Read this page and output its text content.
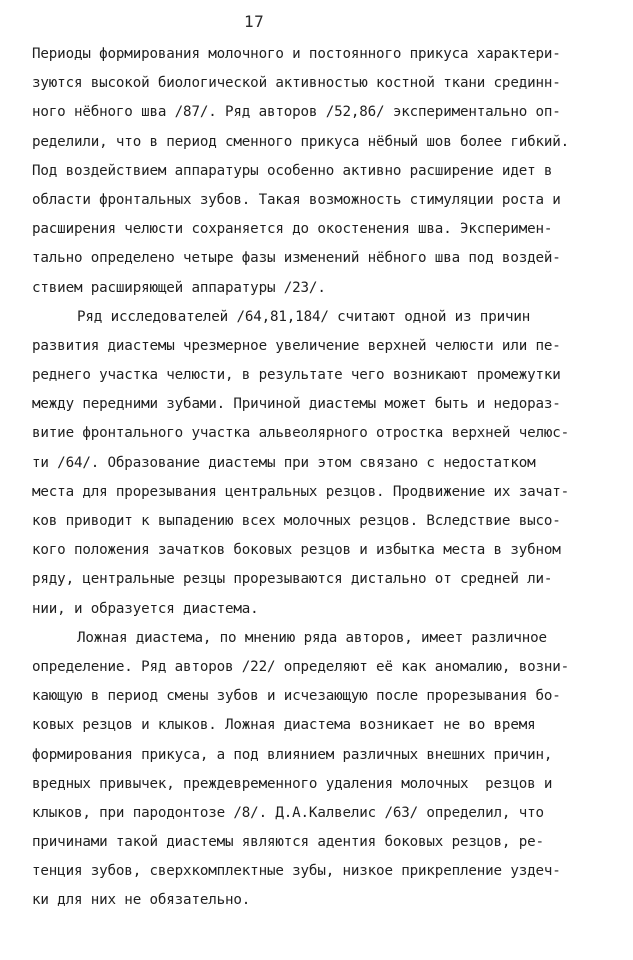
17
Периоды формирования молочного и постоянного прикуса характери-
зуются высокой биологической активностью костной ткани срединн-
ного нёбного шва /87/. Ряд авторов /52,86/ экспериментально оп-
ределили, что в период сменного прикуса нёбный шов более гибкий.
Под воздействием аппаратуры особенно активно расширение идет в
области фронтальных зубов. Такая возможность стимуляции роста и
расширения челюсти сохраняется до окостенения шва. Эксперимен-
тально определено четыре фазы изменений нёбного шва под воздей-
ствием расширяющей аппаратуры /23/.
Ряд исследователей /64,81,184/ считают одной из причин
развития диастемы чрезмерное увеличение верхней челюсти или пе-
реднего участка челюсти, в результате чего возникают промежутки
между передними зубами. Причиной диастемы может быть и недораз-
витие фронтального участка альвеолярного отростка верхней челюс-
ти /64/. Образование диастемы при этом связано с недостатком
места для прорезывания центральных резцов. Продвижение их зачат-
ков приводит к выпадению всех молочных резцов. Вследствие высо-
кого положения зачатков боковых резцов и избытка места в зубном
ряду, центральные резцы прорезываются дистально от средней ли-
нии, и образуется диастема.
Ложная диастема, по мнению ряда авторов, имеет различное
определение. Ряд авторов /22/ определяют её как аномалию, возни-
кающую в период смены зубов и исчезающую после прорезывания бо-
ковых резцов и клыков. Ложная диастема возникает не во время
формирования прикуса, а под влиянием различных внешних причин,
вредных привычек, преждевременного удаления молочных  резцов и
клыков, при пародонтозе /8/. Д.А.Калвелис /63/ определил, что
причинами такой диастемы являются адентия боковых резцов, ре-
тенция зубов, сверхкомплектные зубы, низкое прикрепление уздеч-
ки для них не обязательно.
